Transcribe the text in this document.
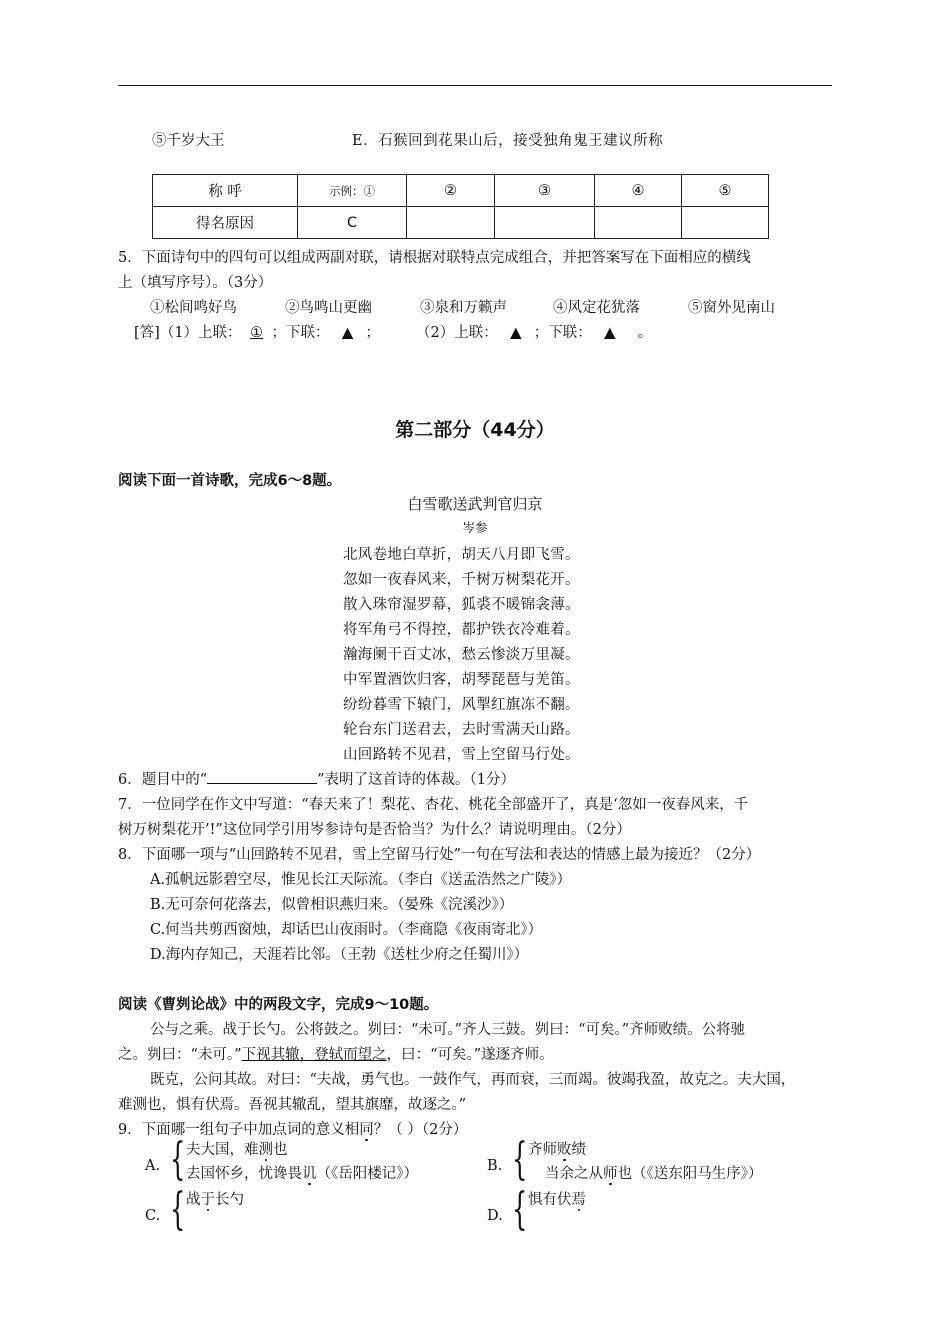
⑤千岁大王	E．石猴回到花果山后，接受独角鬼王建议所称
称 呼	示例：①	②	③	④	⑤
得名原因	C				
5．下面诗句中的四句可以组成两副对联，请根据对联特点完成组合，并把答案写在下面相应的横线
上（填写序号）。（3分）
①松间鸣好鸟	②鸟鸣山更幽	③泉和万籁声	④风定花犹落	⑤窗外见南山
[答]（1）上联： ① ；下联： ▲ ； （2）上联： ▲ ；下联： ▲ 。
第二部分（44分）
阅读下面一首诗歌，完成6～8题。
白雪歌送武判官归京
岑参
北风卷地白草折，胡天八月即飞雪。
忽如一夜春风来，千树万树梨花开。
散入珠帘湿罗幕，狐裘不暖锦衾薄。
将军角弓不得控，都护铁衣冷难着。
瀚海阑干百丈冰，愁云惨淡万里凝。
中军置酒饮归客，胡琴琵琶与羌笛。
纷纷暮雪下辕门，风掣红旗冻不翻。
轮台东门送君去，去时雪满天山路。
山回路转不见君，雪上空留马行处。
6．题目中的“	”表明了这首诗的体裁。（1分）
7．一位同学在作文中写道：“春天来了！梨花、杏花、桃花全部盛开了，真是‘忽如一夜春风来，千
树万树梨花开’!”这位同学引用岑参诗句是否恰当？为什么？请说明理由。（2分）
8．下面哪一项与“山回路转不见君，雪上空留马行处”一句在写法和表达的情感上最为接近？（2分）
A.孤帆远影碧空尽，惟见长江天际流。（李白《送孟浩然之广陵》）
B.无可奈何花落去，似曾相识燕归来。（晏殊《浣溪沙》）
C.何当共剪西窗烛，却话巴山夜雨时。（李商隐《夜雨寄北》）
D.海内存知己，天涯若比邻。（王勃《送杜少府之任蜀川》）
阅读《曹刿论战》中的两段文字，完成9～10题。
公与之乘。战于长勺。公将鼓之。刿曰：“未可。”齐人三鼓。刿曰：“可矣。”齐师败绩。公将驰
之。刿曰：“未可。”下视其辙，登轼而望之，曰：“可矣。”遂逐齐师。
既克，公问其故。对曰：“夫战，勇气也。一鼓作气，再而衰，三而竭。彼竭我盈，故克之。夫大国，
难测也，惧有伏焉。吾视其辙乱，望其旗靡，故逐之。”
9．下面哪一组句子中加点词的意义相同？（ ）（2分）
A. { 夫大国，难测也
去国怀乡，忧谗畏讥（《岳阳楼记》）	B. { 齐师败绩
当余之从师也（《送东阳马生序》）
C. { 战于长勺
D. { 惧有伏焉
